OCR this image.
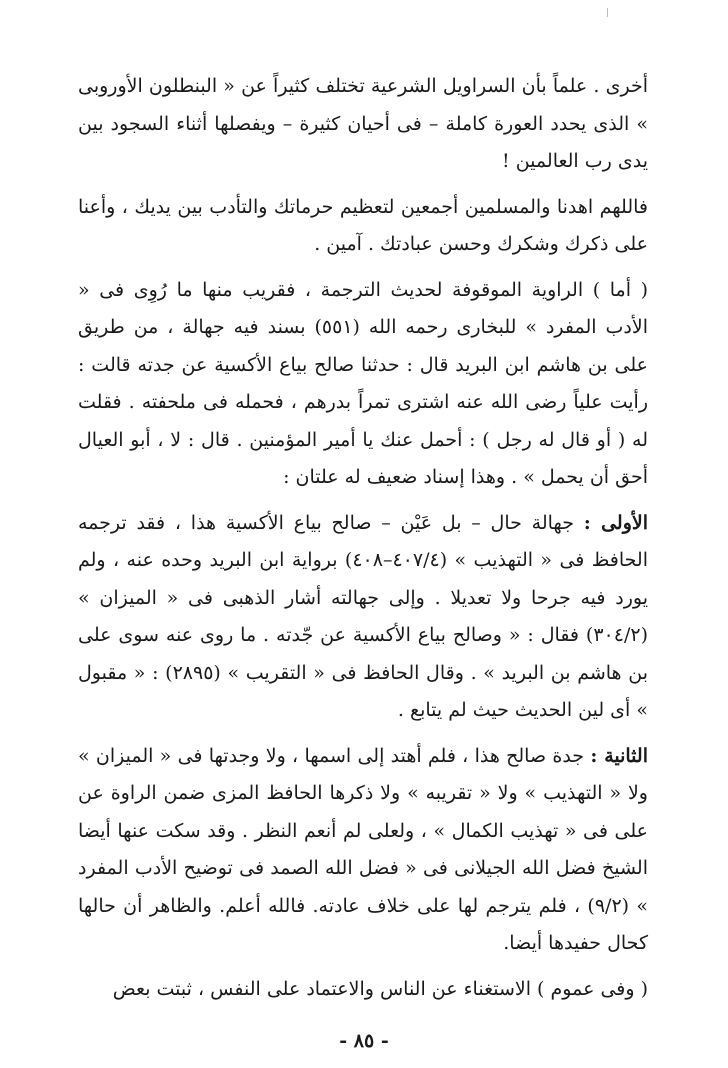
أخرى . علماً بأن السراويل الشرعية تختلف كثيراً عن « البنطلون الأوروبى » الذى يحدد العورة كاملة – فى أحيان كثيرة – ويفصلها أثناء السجود بين يدى رب العالمين !

فاللهم اهدنا والمسلمين أجمعين لتعظيم حرماتك والتأدب بين يديك ، وأعنا على ذكرك وشكرك وحسن عبادتك . آمين .

( أما ) الراوية الموقوفة لحديث الترجمة ، فقريب منها ما رُوِى فى « الأدب المفرد » للبخارى رحمه الله (٥٥١) بسند فيه جهالة ، من طريق على بن هاشم ابن البريد قال : حدثنا صالح بياع الأكسية عن جدته قالت : رأيت علياً رضى الله عنه اشترى تمراً بدرهم ، فحمله فى ملحفته . فقلت له ( أو قال له رجل ) : أحمل عنك يا أمير المؤمنين . قال : لا ، أبو العيال أحق أن يحمل » . وهذا إسناد ضعيف له علتان :

الأولى : جهالة حال – بل عَيْن – صالح بياع الأكسية هذا ، فقد ترجمه الحافظ فى « التهذيب » (٤٠٧/٤–٤٠٨) برواية ابن البريد وحده عنه ، ولم يورد فيه جرحا ولا تعديلا . وإلى جهالته أشار الذهبى فى « الميزان » (٣٠٤/٢) فقال : « وصالح بياع الأكسية عن جّدته . ما روى عنه سوى على بن هاشم بن البريد » . وقال الحافظ فى « التقريب » (٢٨٩٥) : « مقبول » أى لين الحديث حيث لم يتابع .

الثانية : جدة صالح هذا ، فلم أهتد إلى اسمها ، ولا وجدتها فى « الميزان » ولا « التهذيب » ولا « تقريبه » ولا ذكرها الحافظ المزى ضمن الراوة عن على فى « تهذيب الكمال » ، ولعلى لم أنعم النظر . وقد سكت عنها أيضا الشيخ فضل الله الجيلانى فى « فضل الله الصمد فى توضيح الأدب المفرد » (٩/٢) ، فلم يترجم لها على خلاف عادته. فالله أعلم. والظاهر أن حالها كحال حفيدها أيضا.

( وفى عموم ) الاستغناء عن الناس والاعتماد على النفس ، ثبتت بعض

- ٨٥ -
